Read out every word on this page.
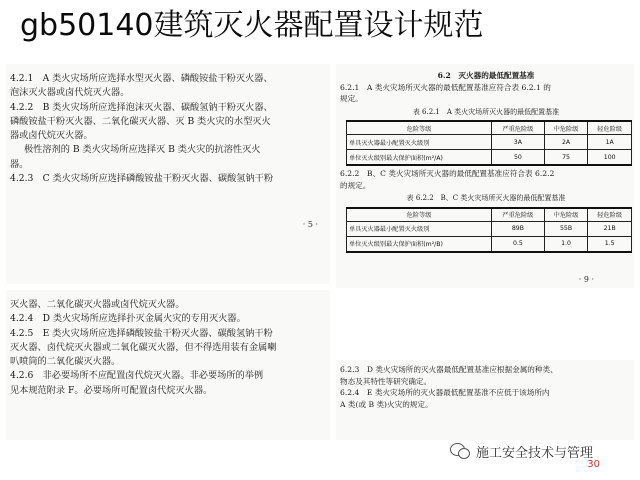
gb50140建筑灭火器配置设计规范

4.2.1　A 类火灾场所应选择水型灭火器、磷酸铵盐干粉灭火器、

泡沫灭火器或卤代烷灭火器。

4.2.2　B 类火灾场所应选择泡沫灭火器、碳酸氢钠干粉灭火器、

磷酸铵盐干粉灭火器、二氧化碳灭火器、灭 B 类火灾的水型灭火

器或卤代烷灭火器。

极性溶剂的 B 类火灾场所应选择灭 B 类火灾的抗溶性灭火

器。

4.2.3　C 类火灾场所应选择磷酸铵盐干粉灭火器、碳酸氢钠干粉

· 5 ·

6.2　灭火器的最低配置基准

6.2.1　A 类火灾场所灭火器的最低配置基准应符合表 6.2.1 的

规定。

表 6.2.1　A 类火灾场所灭火器的最低配置基准

危险等级	严重危险级	中危险级	轻危险级
单具灭火器最小配置灭火级别	3A	2A	1A
单位灭火级别最大保护面积(m²/A)	50	75	100

6.2.2　B、C 类火灾场所灭火器的最低配置基准应符合表 6.2.2

的规定。

表 6.2.2　B、C 类火灾场所灭火器的最低配置基准

危险等级	严重危险级	中危险级	轻危险级
单具灭火器最小配置灭火级别	89B	55B	21B
单位灭火级别最大保护面积(m²/B)	0.5	1.0	1.5
· 9 ·

灭火器、二氧化碳灭火器或卤代烷灭火器。

4.2.4　D 类火灾场所应选择扑灭金属火灾的专用灭火器。

4.2.5　E 类火灾场所应选择磷酸铵盐干粉灭火器、碳酸氢钠干粉

灭火器、卤代烷灭火器或二氧化碳灭火器，但不得选用装有金属喇

叭喷筒的二氧化碳灭火器。

4.2.6　非必要场所不应配置卤代烷灭火器。非必要场所的举例

见本规范附录 F。必要场所可配置卤代烷灭火器。

6.2.3　D 类火灾场所的灭火器最低配置基准应根据金属的种类、

物态及其特性等研究确定。

6.2.4　E 类火灾场所的灭火器最低配置基准不应低于该场所内

A 类(或 B 类)火灾的规定。

施工安全技术与管理
30
